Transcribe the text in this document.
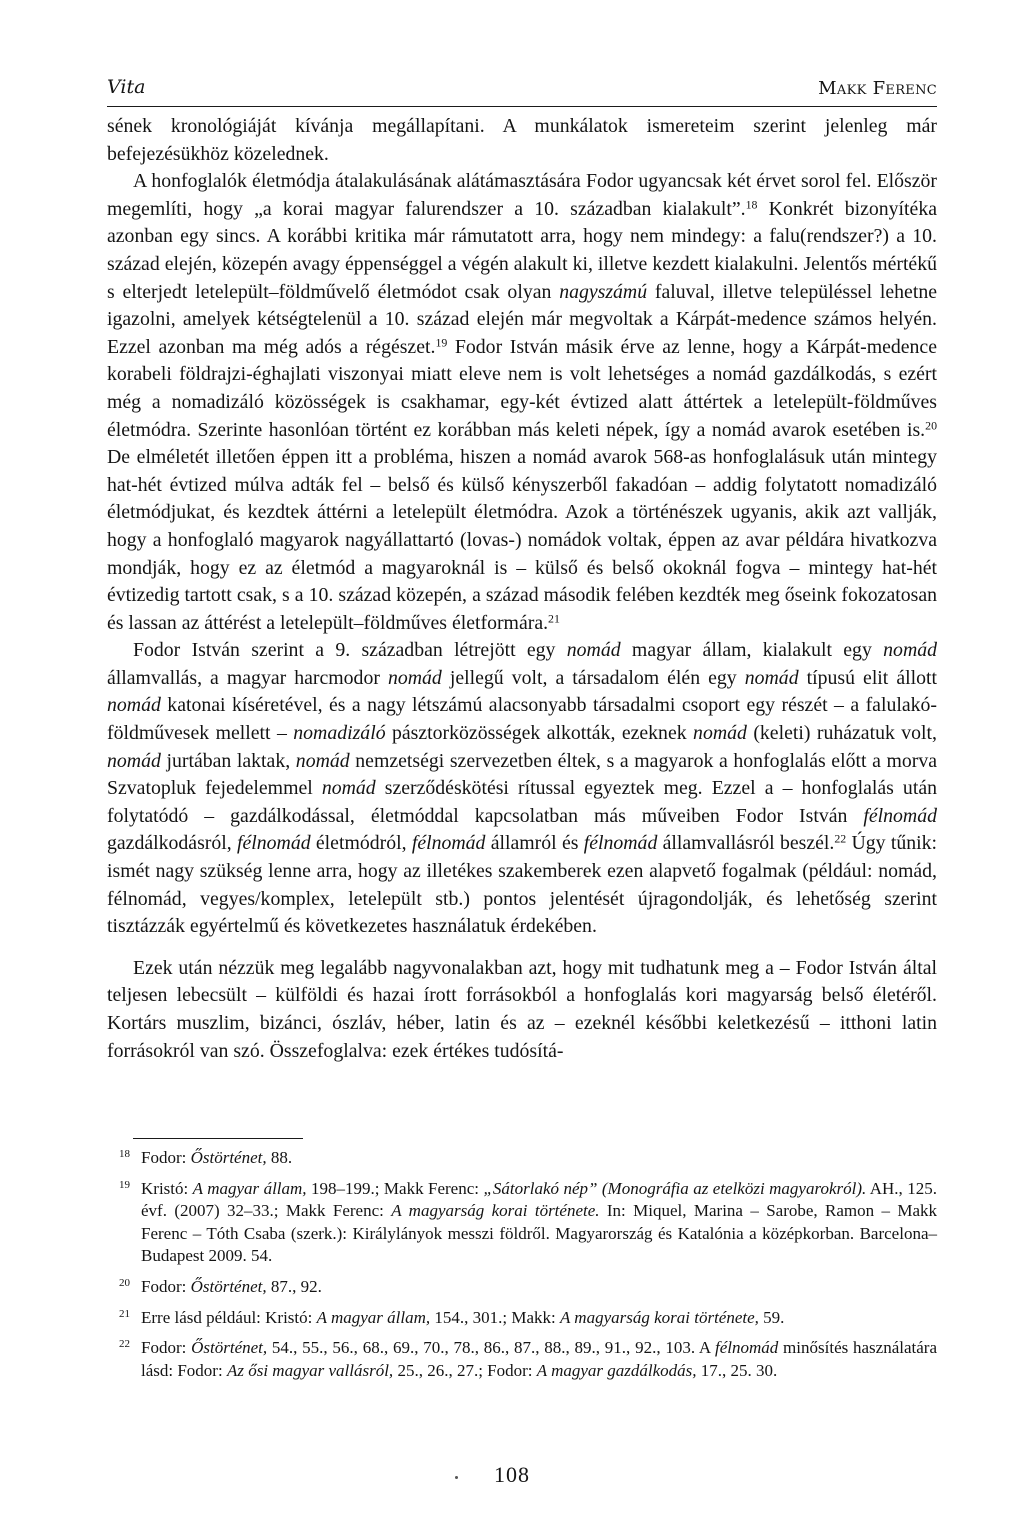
Vita	Makk Ferenc

sének kronológiáját kívánja megállapítani. A munkálatok ismereteim szerint jelenleg már befejezésükhöz közelednek.

A honfoglalók életmódja átalakulásának alátámasztására Fodor ugyancsak két érvet sorol fel. Először megemlíti, hogy „a korai magyar falurendszer a 10. században kialakult”.$^{18}$ Konkrét bizonyítéka azonban egy sincs. A korábbi kritika már rámutatott arra, hogy nem mindegy: a falu(rendszer?) a 10. század elején, közepén avagy éppenséggel a végén alakult ki, illetve kezdett kialakulni. Jelentős mértékű s elterjedt letelepült–földművelő életmódot csak olyan nagyszámú faluval, illetve településsel lehetne igazolni, amelyek kétségtelenül a 10. század elején már megvoltak a Kárpát-medence számos helyén. Ezzel azonban ma még adós a régészet.$^{19}$ Fodor István másik érve az lenne, hogy a Kárpát-medence korabeli földrajzi-éghajlati viszonyai miatt eleve nem is volt lehetséges a nomád gazdálkodás, s ezért még a nomadizáló közösségek is csakhamar, egy-két évtized alatt áttértek a letelepült-földműves életmódra. Szerinte hasonlóan történt ez korábban más keleti népek, így a nomád avarok esetében is.$^{20}$ De elméletét illetően éppen itt a probléma, hiszen a nomád avarok 568-as honfoglalásuk után mintegy hat-hét évtized múlva adták fel – belső és külső kényszerből fakadóan – addig folytatott nomadizáló életmódjukat, és kezdtek áttérni a letelepült életmódra. Azok a történészek ugyanis, akik azt vallják, hogy a honfoglaló magyarok nagyállattartó (lovas-) nomádok voltak, éppen az avar példára hivatkozva mondják, hogy ez az életmód a magyaroknál is – külső és belső okoknál fogva – mintegy hat-hét évtizedig tartott csak, s a 10. század közepén, a század második felében kezdték meg őseink fokozatosan és lassan az áttérést a letelepült–földműves életformára.$^{21}$

Fodor István szerint a 9. században létrejött egy nomád magyar állam, kialakult egy nomád államvallás, a magyar harcmodor nomád jellegű volt, a társadalom élén egy nomád típusú elit állott nomád katonai kíséretével, és a nagy létszámú alacsonyabb társadalmi csoport egy részét – a falulakó-földművesek mellett – nomadizáló pásztorközösségek alkották, ezeknek nomád (keleti) ruházatuk volt, nomád jurtában laktak, nomád nemzetségi szervezetben éltek, s a magyarok a honfoglalás előtt a morva Szvatopluk fejedelemmel nomád szerződéskötési rítussal egyeztek meg. Ezzel a – honfoglalás után folytatódó – gazdálkodással, életmóddal kapcsolatban más műveiben Fodor István félnomád gazdálkodásról, félnomád életmódról, félnomád államról és félnomád államvallásról beszél.$^{22}$ Úgy tűnik: ismét nagy szükség lenne arra, hogy az illetékes szakemberek ezen alapvető fogalmak (például: nomád, félnomád, vegyes/komplex, letelepült stb.) pontos jelentését újragondolják, és lehetőség szerint tisztázzák egyértelmű és következetes használatuk érdekében.

Ezek után nézzük meg legalább nagyvonalakban azt, hogy mit tudhatunk meg a – Fodor István által teljesen lebecsült – külföldi és hazai írott forrásokból a honfoglalás kori magyarság belső életéről. Kortárs muszlim, bizánci, ószláv, héber, latin és az – ezeknél későbbi keletkezésű – itthoni latin forrásokról van szó. Összefoglalva: ezek értékes tudósítá-

18 Fodor: Őstörténet, 88.
19 Kristó: A magyar állam, 198–199.; Makk Ferenc: „Sátorlakó nép” (Monográfia az etelközi magyarokról). AH., 125. évf. (2007) 32–33.; Makk Ferenc: A magyarság korai története. In: Miquel, Marina – Sarobe, Ramon – Makk Ferenc – Tóth Csaba (szerk.): Királylányok messzi földről. Magyarország és Katalónia a középkorban. Barcelona–Budapest 2009. 54.
20 Fodor: Őstörténet, 87., 92.
21 Erre lásd például: Kristó: A magyar állam, 154., 301.; Makk: A magyarság korai története, 59.
22 Fodor: Őstörténet, 54., 55., 56., 68., 69., 70., 78., 86., 87., 88., 89., 91., 92., 103. A félnomád minősítés használatára lásd: Fodor: Az ősi magyar vallásról, 25., 26., 27.; Fodor: A magyar gazdálkodás, 17., 25. 30.
108
